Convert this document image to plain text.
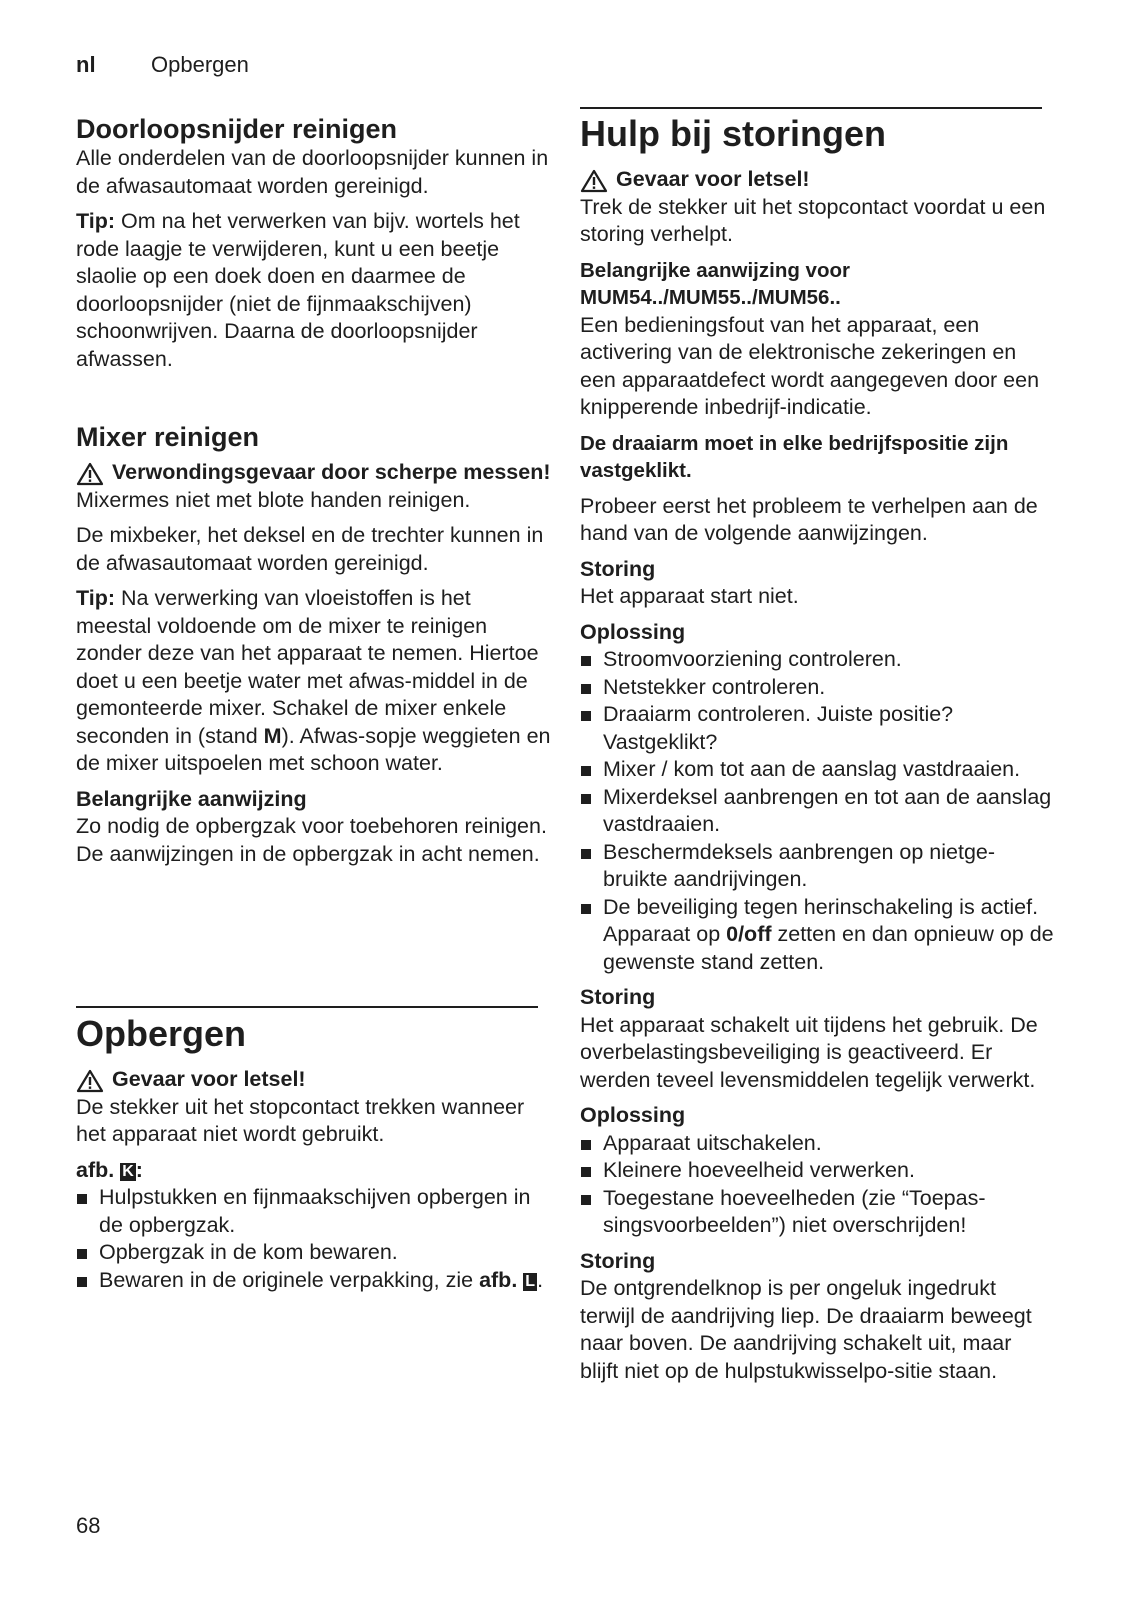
nl	Opbergen
Doorloopsnijder reinigen

Alle onderdelen van de doorloopsnijder kunnen in de afwasautomaat worden gereinigd.

Tip: Om na het verwerken van bijv. wortels het rode laagje te verwijderen, kunt u een beetje slaolie op een doek doen en daarmee de doorloopsnijder (niet de fijnmaakschijven) schoonwrijven. Daarna de doorloopsnijder afwassen.

Mixer reinigen
Verwondingsgevaar door scherpe messen!

Mixermes niet met blote handen reinigen.

De mixbeker, het deksel en de trechter kunnen in de afwasautomaat worden gereinigd.

Tip: Na verwerking van vloeistoffen is het meestal voldoende om de mixer te reinigen zonder deze van het apparaat te nemen. Hiertoe doet u een beetje water met afwas-middel in de gemonteerde mixer. Schakel de mixer enkele seconden in (stand M). Afwas-sopje weggieten en de mixer uitspoelen met schoon water.

Belangrijke aanwijzing

Zo nodig de opbergzak voor toebehoren reinigen. De aanwijzingen in de opbergzak in acht nemen.

Opbergen
Gevaar voor letsel!

De stekker uit het stopcontact trekken wanneer het apparaat niet wordt gebruikt.

afb. K:

Hulpstukken en fijnmaakschijven opbergen in de opbergzak.
Opbergzak in de kom bewaren.
Bewaren in de originele verpakking, zie afb. L.
Hulp bij storingen
Gevaar voor letsel!

Trek de stekker uit het stopcontact voordat u een storing verhelpt.

Belangrijke aanwijzing voor MUM54../MUM55../MUM56..

Een bedieningsfout van het apparaat, een activering van de elektronische zekeringen en een apparaatdefect wordt aangegeven door een knipperende inbedrijf-indicatie.

De draaiarm moet in elke bedrijfspositie zijn vastgeklikt.

Probeer eerst het probleem te verhelpen aan de hand van de volgende aanwijzingen.

Storing

Het apparaat start niet.

Oplossing

Stroomvoorziening controleren.
Netstekker controleren.
Draaiarm controleren. Juiste positie? Vastgeklikt?
Mixer / kom tot aan de aanslag vastdraaien.
Mixerdeksel aanbrengen en tot aan de aanslag vastdraaien.
Beschermdeksels aanbrengen op nietge-bruikte aandrijvingen.
De beveiliging tegen herinschakeling is actief. Apparaat op 0/off zetten en dan opnieuw op de gewenste stand zetten.

Storing

Het apparaat schakelt uit tijdens het gebruik. De overbelastingsbeveiliging is geactiveerd. Er werden teveel levensmiddelen tegelijk verwerkt.

Oplossing

Apparaat uitschakelen.
Kleinere hoeveelheid verwerken.
Toegestane hoeveelheden (zie “Toepas-singsvoorbeelden”) niet overschrijden!

Storing

De ontgrendelknop is per ongeluk ingedrukt terwijl de aandrijving liep. De draaiarm beweegt naar boven. De aandrijving schakelt uit, maar blijft niet op de hulpstukwisselpo-sitie staan.

68
